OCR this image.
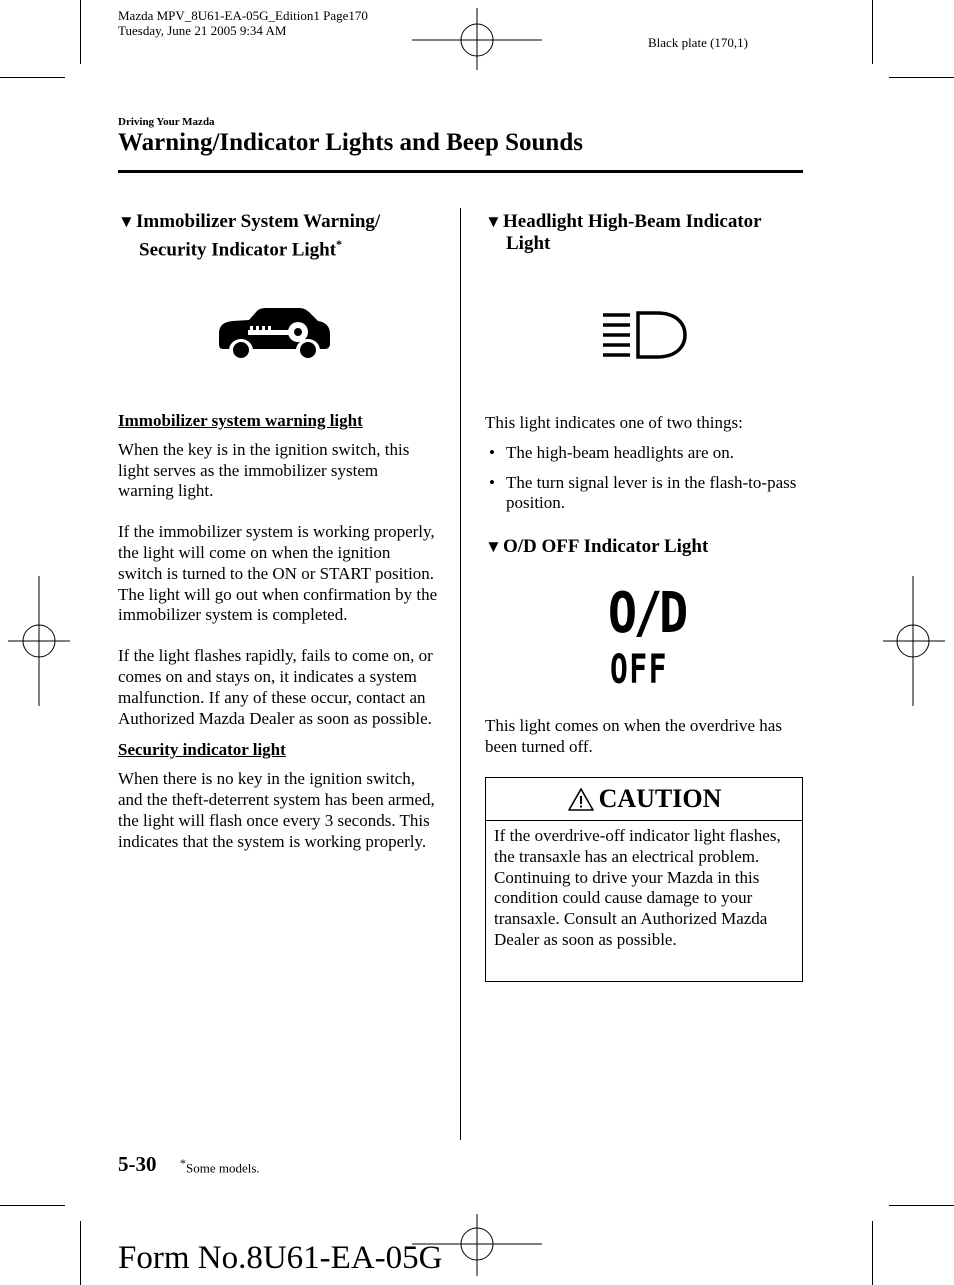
Mazda MPV_8U61-EA-05G_Edition1 Page170
Tuesday, June 21 2005 9:34 AM
Black plate (170,1)
Driving Your Mazda
Warning/Indicator Lights and Beep Sounds
▼Immobilizer System Warning/
Security Indicator Light*
Immobilizer system warning light

When the key is in the ignition switch, this light serves as the immobilizer system warning light.

If the immobilizer system is working properly, the light will come on when the ignition switch is turned to the ON or START position. The light will go out when confirmation by the immobilizer system is completed.

If the light flashes rapidly, fails to come on, or comes on and stays on, it indicates a system malfunction. If any of these occur, contact an Authorized Mazda Dealer as soon as possible.

Security indicator light

When there is no key in the ignition switch, and the theft-deterrent system has been armed, the light will flash once every 3 seconds. This indicates that the system is working properly.

▼Headlight High-Beam Indicator
Light

This light indicates one of two things:

• The high-beam headlights are on.
• The turn signal lever is in the flash-to-pass position.
▼O/D OFF Indicator Light
O/D
OFF
This light comes on when the overdrive has been turned off.
CAUTION
If the overdrive-off indicator light flashes, the transaxle has an electrical problem. Continuing to drive your Mazda in this condition could cause damage to your transaxle. Consult an Authorized Mazda Dealer as soon as possible.
5-30 *Some models.
Form No.8U61-EA-05G
